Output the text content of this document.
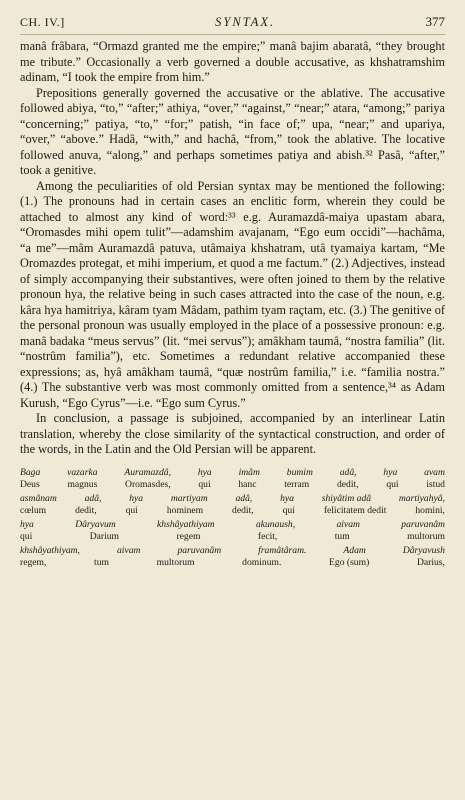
CH. IV.]	SYNTAX.	377

manâ frâbara, “Ormazd granted me the empire;” manâ bajim abaratâ, “they brought me tribute.” Occasionally a verb governed a double accusative, as khshatramshim adinam, “I took the empire from him.”

Prepositions generally governed the accusative or the ablative. The accusative followed abiya, “to,” “after;” athiya, “over,” “against,” “near;” atara, “among;” pariya “concerning;” patiya, “to,” “for;” patish, “in face of;” upa, “near;” and upariya, “over,” “above.” Hadâ, “with,” and hachâ, “from,” took the ablative. The locative followed anuva, “along,” and perhaps sometimes patiya and abish.³² Pasâ, “after,” took a genitive.

Among the peculiarities of old Persian syntax may be mentioned the following: (1.) The pronouns had in certain cases an enclitic form, wherein they could be attached to almost any kind of word:³³ e.g. Auramazdâ-maiya upastam abara, “Oromasdes mihi opem tulit”—adamshim avajanam, “Ego eum occidi”—hachâma, “a me”—mâm Auramazdâ patuva, utâmaiya khshatram, utâ tyamaiya kartam, “Me Oromazdes protegat, et mihi imperium, et quod a me factum.” (2.) Adjectives, instead of simply accompanying their substantives, were often joined to them by the relative pronoun hya, the relative being in such cases attracted into the case of the noun, e.g. kâra hya hamitriya, kâram tyam Mâdam, pathim tyam raçtam, etc. (3.) The genitive of the personal pronoun was usually employed in the place of a possessive pronoun: e.g. manâ badaka “meus servus” (lit. “mei servus”); amâkham taumâ, “nostra familia” (lit. “nostrûm familia”), etc. Sometimes a redundant relative accompanied these expressions; as, hyâ amâkham taumâ, “quæ nostrûm familia,” i.e. “familia nostra.” (4.) The substantive verb was most commonly omitted from a sentence,³⁴ as Adam Kurush, “Ego Cyrus”—i.e. “Ego sum Cyrus.”

In conclusion, a passage is subjoined, accompanied by an interlinear Latin translation, whereby the close similarity of the syntactical construction, and order of the words, in the Latin and the Old Persian will be apparent.

Baga	vazarka	Auramazdâ,	hya	imâm	bumim	adâ,	hya	avam
Deus	magnus	Oromasdes,	qui	hanc	terram	dedit,	qui	istud
asmânam	adâ,	hya	martiyam	adâ,	hya	shiyâtim adâ	martiyahyâ,
cœlum	dedit,	qui	hominem	dedit,	qui	felicitatem dedit	homini,
hya	Dâryavum	khshâyathiyam	akunaush,	aivam	paruvanâm
qui	Darium	regem	fecit,	tum	multorum
khshâyathiyam,	aivam	paruvanâm	framâtâram.	Adam	Dâryavush
regem,	tum	multorum	dominum.	Ego (sum)	Darius,
